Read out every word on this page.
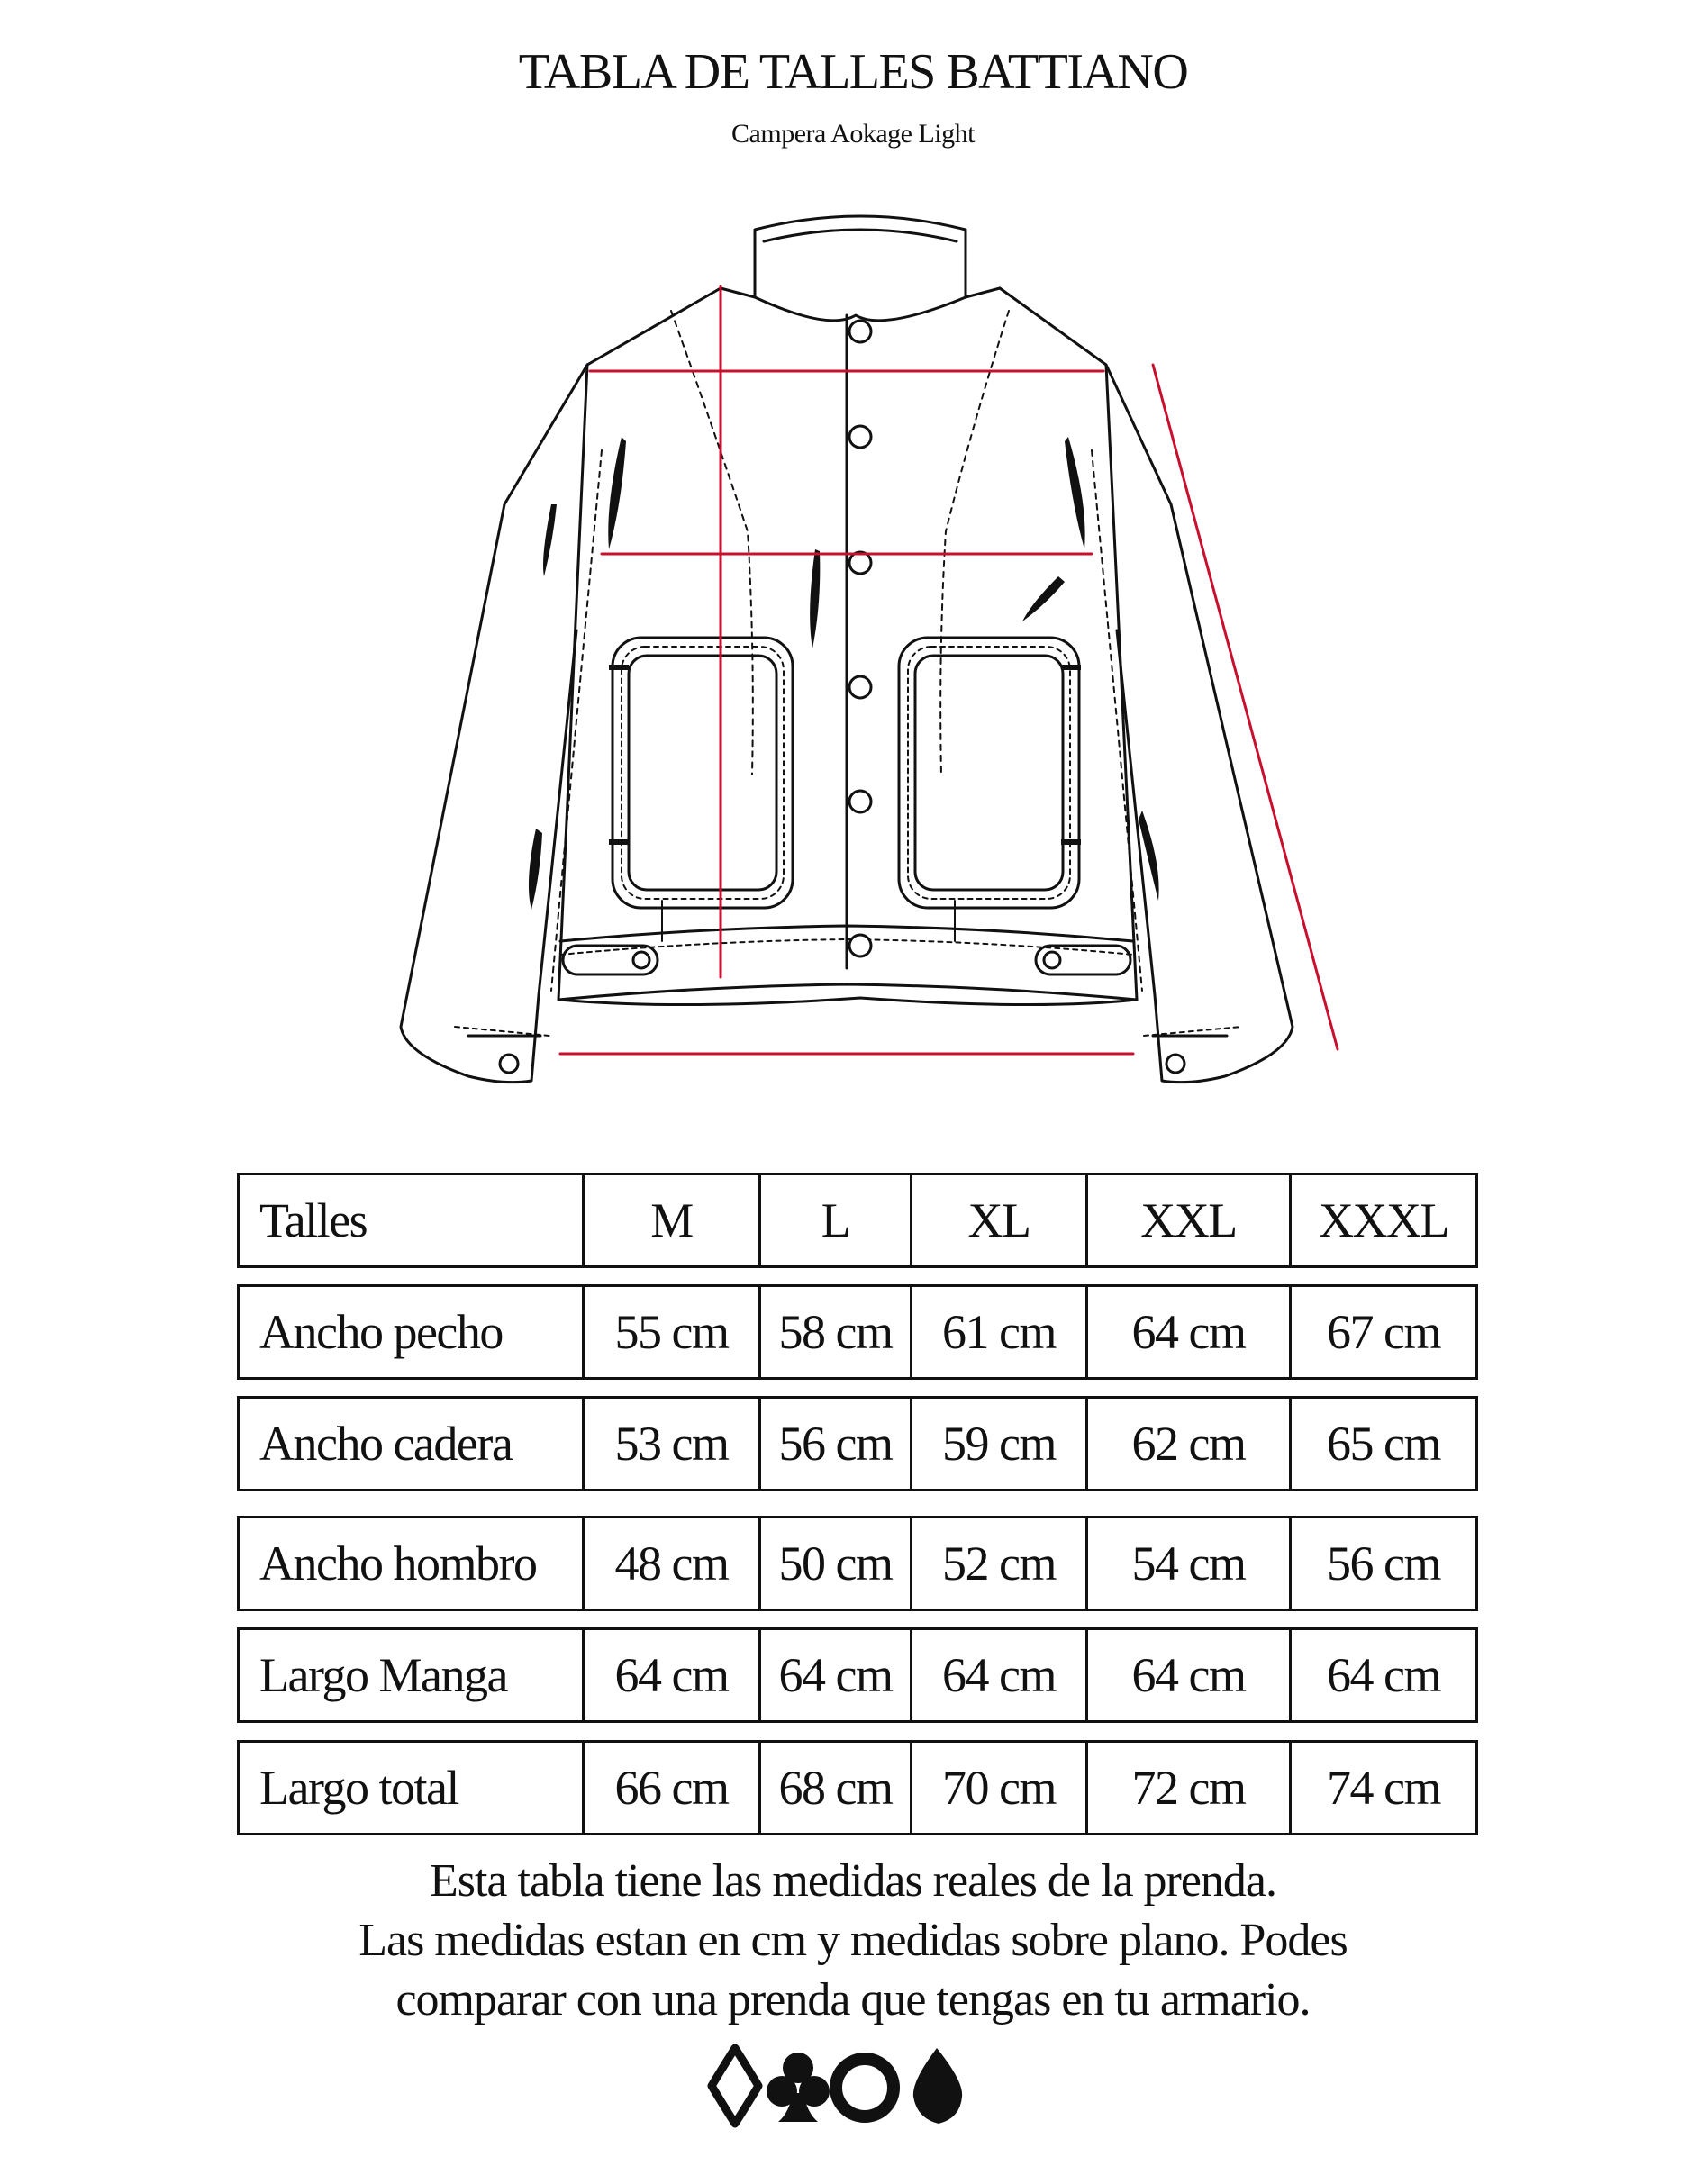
TABLA DE TALLES BATTIANO
Campera Aokage Light
Talles	M	L	XL	XXL	XXXL
Ancho pecho	55 cm	58 cm	61 cm	64 cm	67 cm
Ancho cadera	53 cm	56 cm	59 cm	62 cm	65 cm
Ancho hombro	48 cm	50 cm	52 cm	54 cm	56 cm
Largo Manga	64 cm	64 cm	64 cm	64 cm	64 cm
Largo total	66 cm	68 cm	70 cm	72 cm	74 cm
Esta tabla tiene las medidas reales de la prenda.
Las medidas estan en cm y medidas sobre plano. Podes
comparar con una prenda que tengas en tu armario.
